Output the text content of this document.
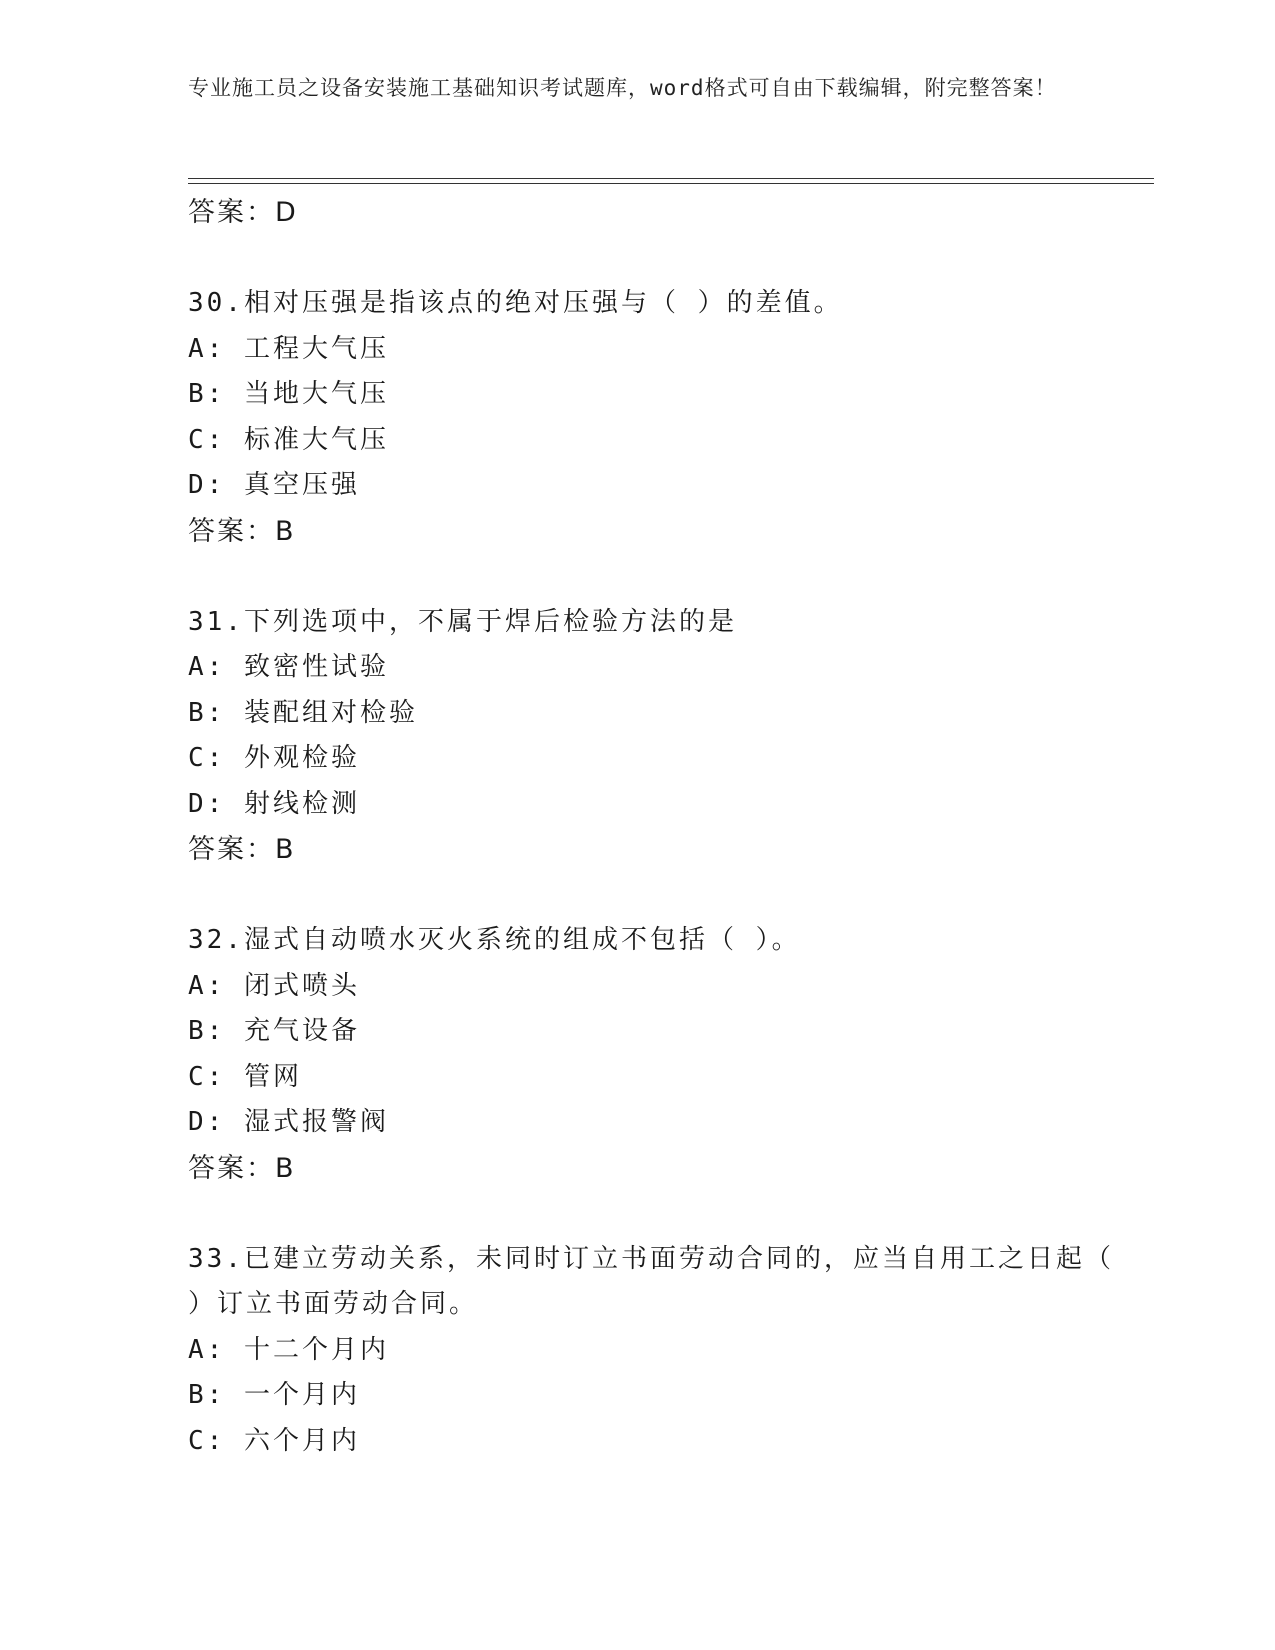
专业施工员之设备安装施工基础知识考试题库，word格式可自由下载编辑，附完整答案！
答案：D
30.相对压强是指该点的绝对压强与（ ）的差值。
A: 工程大气压
B: 当地大气压
C: 标准大气压
D: 真空压强
答案：B
31.下列选项中，不属于焊后检验方法的是
A: 致密性试验
B: 装配组对检验
C: 外观检验
D: 射线检测
答案：B
32.湿式自动喷水灭火系统的组成不包括（ ）。
A: 闭式喷头
B: 充气设备
C: 管网
D: 湿式报警阀
答案：B
33.已建立劳动关系，未同时订立书面劳动合同的，应当自用工之日起（ ）订立书面劳动合同。
A: 十二个月内
B: 一个月内
C: 六个月内
